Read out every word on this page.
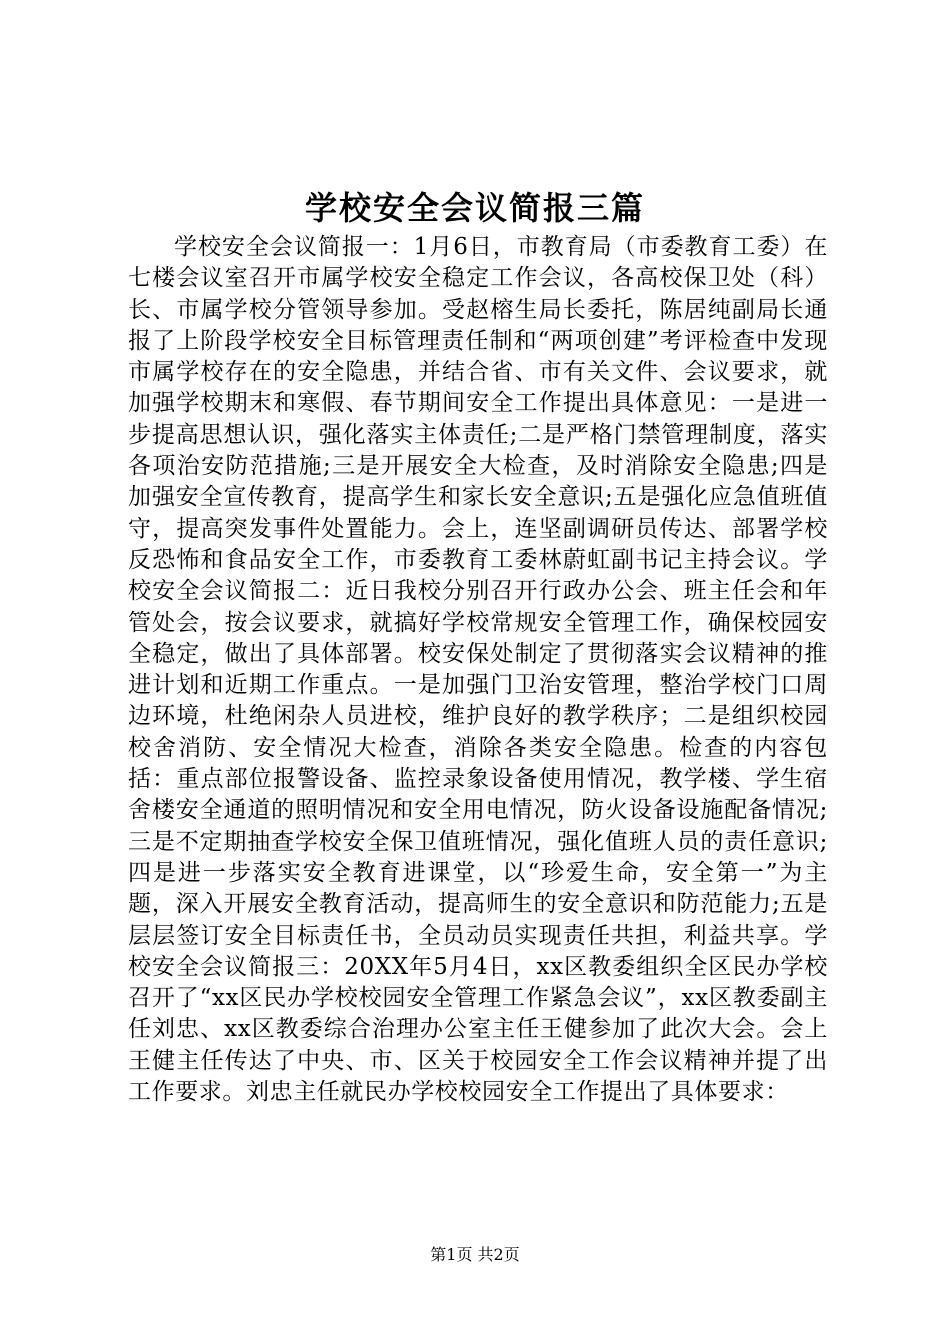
学校安全会议简报三篇

学校安全会议简报一：1月6日，市教育局（市委教育工委）在七楼会议室召开市属学校安全稳定工作会议，各高校保卫处（科）长、市属学校分管领导参加。受赵榕生局长委托，陈居纯副局长通报了上阶段学校安全目标管理责任制和“两项创建”考评检查中发现市属学校存在的安全隐患，并结合省、市有关文件、会议要求，就加强学校期末和寒假、春节期间安全工作提出具体意见：一是进一步提高思想认识，强化落实主体责任;二是严格门禁管理制度，落实各项治安防范措施;三是开展安全大检查，及时消除安全隐患;四是加强安全宣传教育，提高学生和家长安全意识;五是强化应急值班值守，提高突发事件处置能力。会上，连坚副调研员传达、部署学校反恐怖和食品安全工作，市委教育工委林蔚虹副书记主持会议。学校安全会议简报二：近日我校分别召开行政办公会、班主任会和年管处会，按会议要求，就搞好学校常规安全管理工作，确保校园安全稳定，做出了具体部署。校安保处制定了贯彻落实会议精神的推进计划和近期工作重点。一是加强门卫治安管理，整治学校门口周边环境，杜绝闲杂人员进校，维护良好的教学秩序；二是组织校园校舍消防、安全情况大检查，消除各类安全隐患。检查的内容包括：重点部位报警设备、监控录象设备使用情况，教学楼、学生宿舍楼安全通道的照明情况和安全用电情况，防火设备设施配备情况;三是不定期抽查学校安全保卫值班情况，强化值班人员的责任意识;四是进一步落实安全教育进课堂，以“珍爱生命，安全第一”为主题，深入开展安全教育活动，提高师生的安全意识和防范能力;五是层层签订安全目标责任书，全员动员实现责任共担，利益共享。学校安全会议简报三：20XX年5月4日，xx区教委组织全区民办学校召开了“xx区民办学校校园安全管理工作紧急会议”，xx区教委副主任刘忠、xx区教委综合治理办公室主任王健参加了此次大会。会上王健主任传达了中央、市、区关于校园安全工作会议精神并提了出工作要求。刘忠主任就民办学校校园安全工作提出了具体要求：

第1页 共2页
